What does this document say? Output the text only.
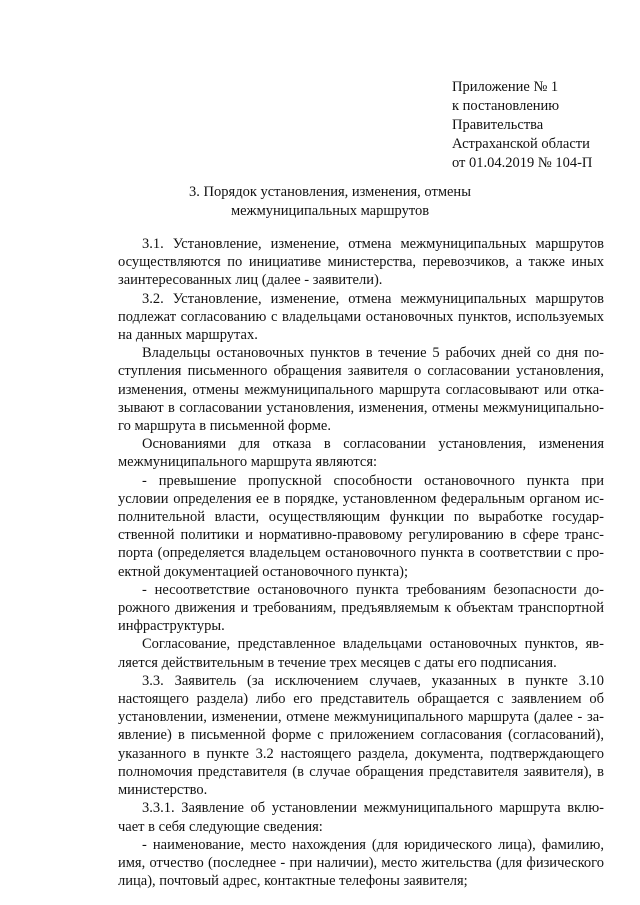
Приложение № 1
к постановлению
Правительства
Астраханской области
от 01.04.2019 № 104-П
3. Порядок установления, изменения, отмены межмуниципальных маршрутов

3.1. Установление, изменение, отмена межмуниципальных маршрутов осуществляются по инициативе министерства, перевозчиков, а также иных заинтересованных лиц (далее - заявители).

3.2. Установление, изменение, отмена межмуниципальных маршрутов подлежат согласованию с владельцами остановочных пунктов, используемых на данных маршрутах.

Владельцы остановочных пунктов в течение 5 рабочих дней со дня поступления письменного обращения заявителя о согласовании установления, изменения, отмены межмуниципального маршрута согласовывают или отказывают в согласовании установления, изменения, отмены межмуниципального маршрута в письменной форме.

Основаниями для отказа в согласовании установления, изменения межмуниципального маршрута являются:

- превышение пропускной способности остановочного пункта при условии определения ее в порядке, установленном федеральным органом исполнительной власти, осуществляющим функции по выработке государственной политики и нормативно-правовому регулированию в сфере транспорта (определяется владельцем остановочного пункта в соответствии с проектной документацией остановочного пункта);

- несоответствие остановочного пункта требованиям безопасности дорожного движения и требованиям, предъявляемым к объектам транспортной инфраструктуры.

Согласование, представленное владельцами остановочных пунктов, является действительным в течение трех месяцев с даты его подписания.

3.3. Заявитель (за исключением случаев, указанных в пункте 3.10 настоящего раздела) либо его представитель обращается с заявлением об установлении, изменении, отмене межмуниципального маршрута (далее - заявление) в письменной форме с приложением согласования (согласований), указанного в пункте 3.2 настоящего раздела, документа, подтверждающего полномочия представителя (в случае обращения представителя заявителя), в министерство.

3.3.1. Заявление об установлении межмуниципального маршрута включает в себя следующие сведения:

- наименование, место нахождения (для юридического лица), фамилию, имя, отчество (последнее - при наличии), место жительства (для физического лица), почтовый адрес, контактные телефоны заявителя;
